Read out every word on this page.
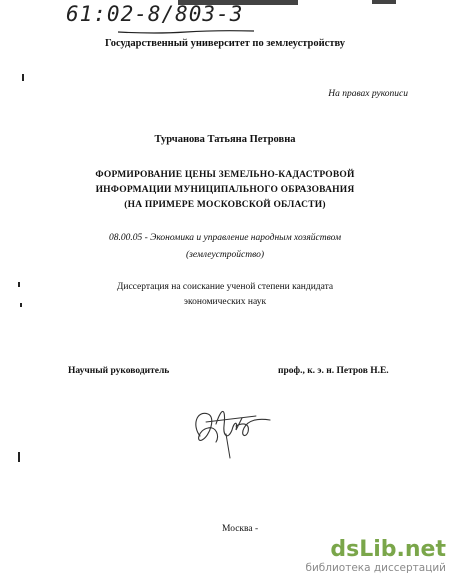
61:02-8/803-3
Государственный университет по землеустройству
На правах рукописи
Турчанова Татьяна Петровна
ФОРМИРОВАНИЕ ЦЕНЫ ЗЕМЕЛЬНО-КАДАСТРОВОЙ
ИНФОРМАЦИИ МУНИЦИПАЛЬНОГО ОБРАЗОВАНИЯ
(НА ПРИМЕРЕ МОСКОВСКОЙ ОБЛАСТИ)
08.00.05 - Экономика и управление народным хозяйством
(землеустройство)
Диссертация на соискание ученой степени кандидата
экономических наук
Научный руководитель	проф., к. э. н. Петров Н.Е.
Москва -
dsLib.net
библиотека диссертаций
